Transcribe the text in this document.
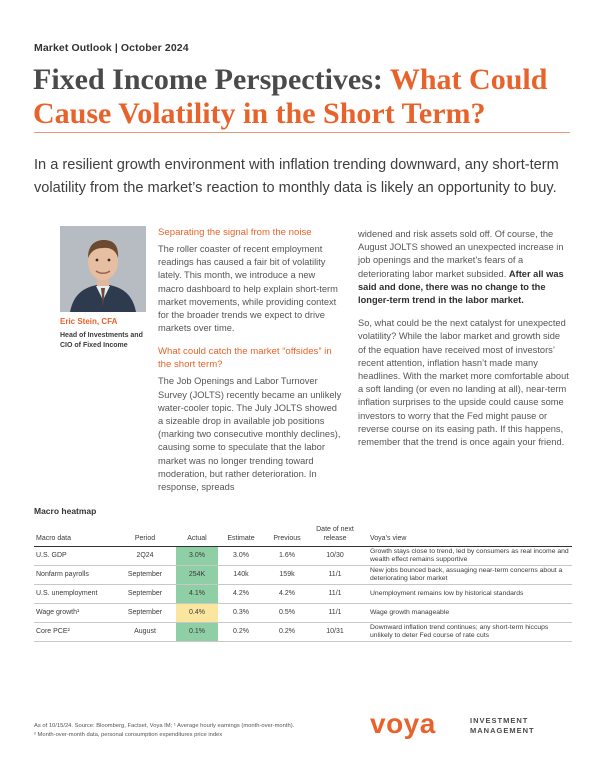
Market Outlook | October 2024
Fixed Income Perspectives: What Could Cause Volatility in the Short Term?

In a resilient growth environment with inflation trending downward, any short-term volatility from the market’s reaction to monthly data is likely an opportunity to buy.

Eric Stein, CFA
Head of Investments and CIO of Fixed Income
Separating the signal from the noise

The roller coaster of recent employment readings has caused a fair bit of volatility lately. This month, we introduce a new macro dashboard to help explain short-term market movements, while providing context for the broader trends we expect to drive markets over time.

What could catch the market “offsides” in the short term?

The Job Openings and Labor Turnover Survey (JOLTS) recently became an unlikely water-cooler topic. The July JOLTS showed a sizeable drop in available job positions (marking two consecutive monthly declines), causing some to speculate that the labor market was no longer trending toward moderation, but rather deterioration. In response, spreads

widened and risk assets sold off. Of course, the August JOLTS showed an unexpected increase in job openings and the market’s fears of a deteriorating labor market subsided. After all was said and done, there was no change to the longer-term trend in the labor market.

So, what could be the next catalyst for unexpected volatility? While the labor market and growth side of the equation have received most of investors’ recent attention, inflation hasn’t made many headlines. With the market more comfortable about a soft landing (or even no landing at all), near-term inflation surprises to the upside could cause some investors to worry that the Fed might pause or reverse course on its easing path. If this happens, remember that the trend is once again your friend.

Macro heatmap
Macro data	Period	Actual	Estimate	Previous	Date of next release	Voya’s view
U.S. GDP	2Q24	3.0%	3.0%	1.6%	10/30	Growth stays close to trend, led by consumers as real income and wealth effect remains supportive
Nonfarm payrolls	September	254K	140k	159k	11/1	New jobs bounced back, assuaging near-term concerns about a deteriorating labor market
U.S. unemployment	September	4.1%	4.2%	4.2%	11/1	Unemployment remains low by historical standards
Wage growth¹	September	0.4%	0.3%	0.5%	11/1	Wage growth manageable
Core PCE²	August	0.1%	0.2%	0.2%	10/31	Downward inflation trend continues; any short-term hiccups unlikely to deter Fed course of rate cuts
As of 10/15/24. Source: Bloomberg, Factset, Voya IM; ¹ Average hourly earnings (month-over-month).
² Month-over-month data, personal consumption expenditures price index	voya	INVESTMENT
MANAGEMENT
